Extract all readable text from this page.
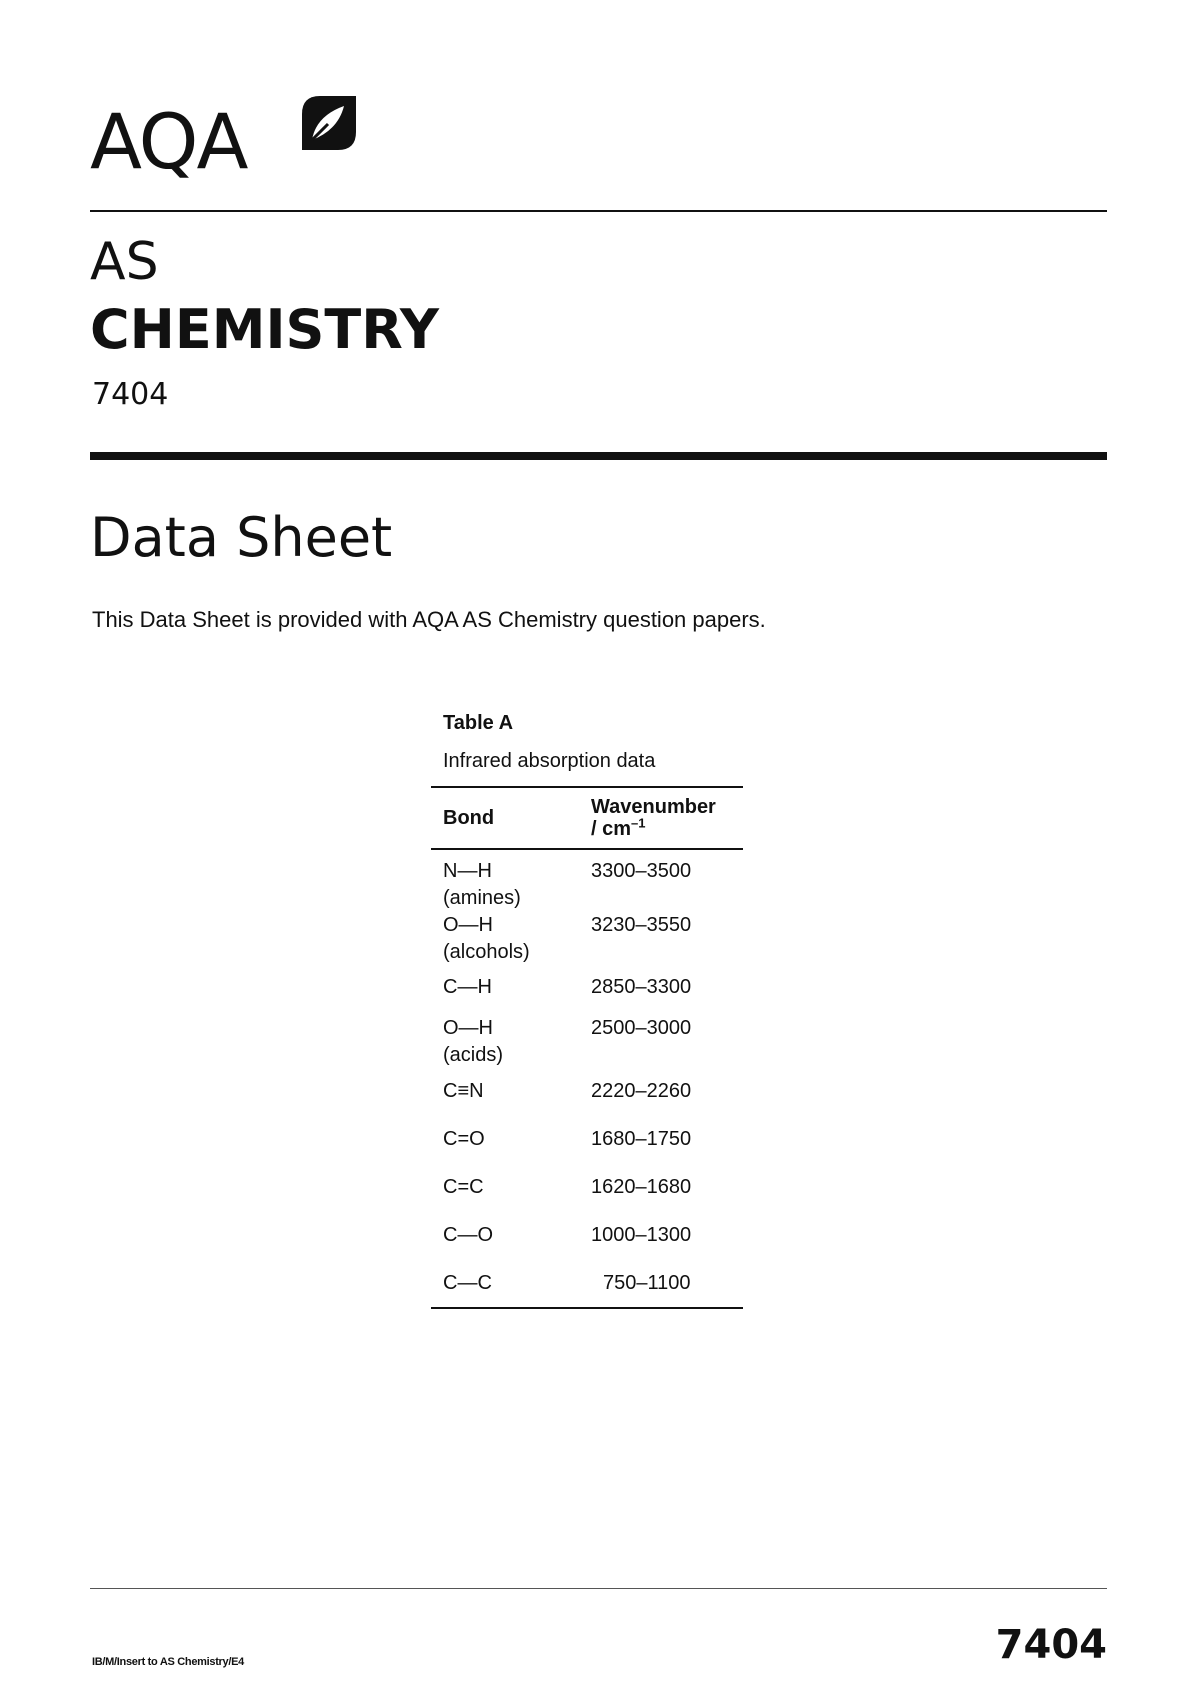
AQA
AS
CHEMISTRY
7404
Data Sheet
This Data Sheet is provided with AQA AS Chemistry question papers.
Table A
Infrared absorption data
Bond	Wavenumber
/ $cm^{-1}$
N—H
(amines)	3300–3500
O—H
(alcohols)	3230–3550
C—H	2850–3300
O—H
(acids)	2500–3000
C≡N	2220–2260
C=O	1680–1750
C=C	1620–1680
C—O	1000–1300
C—C	750–1100
IB/M/Insert to AS Chemistry/E4	7404
